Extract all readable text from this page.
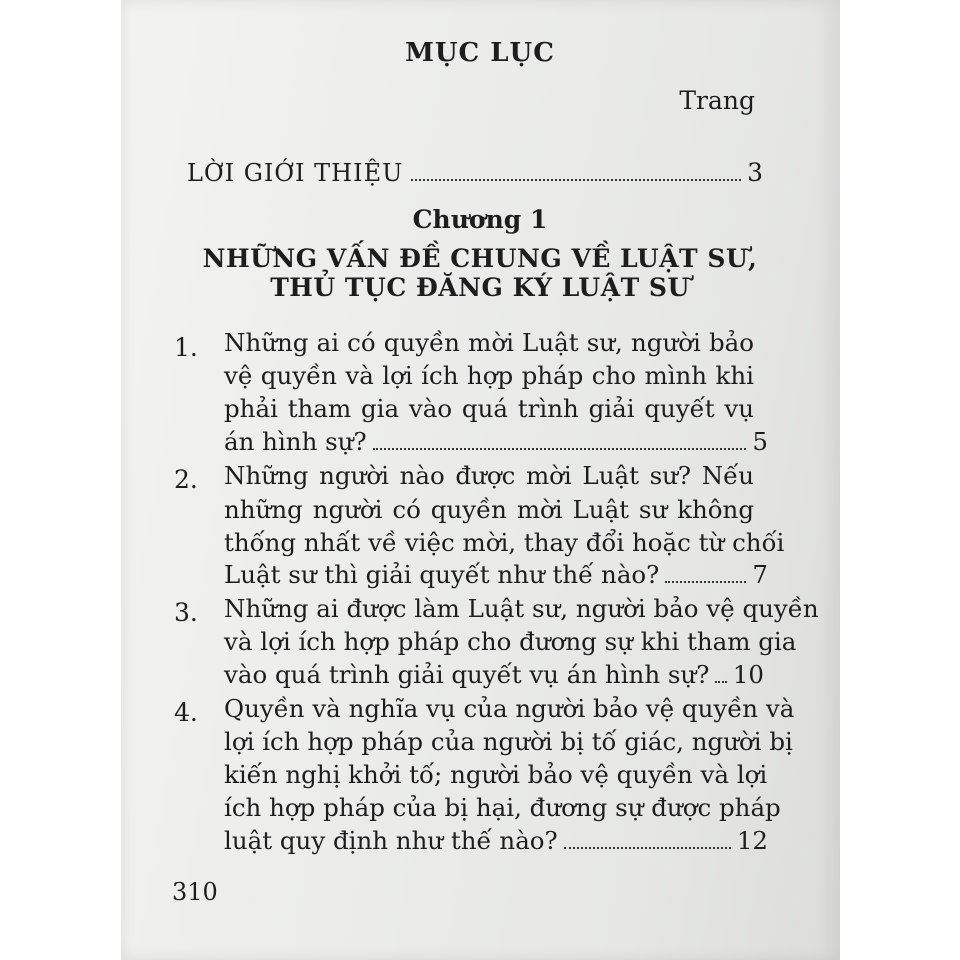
MỤC LỤC
Trang
LỜI GIỚI THIỆU	3
Chương 1
NHỮNG VẤN ĐỀ CHUNG VỀ LUẬT SƯ,
THỦ TỤC ĐĂNG KÝ LUẬT SƯ
1. Những ai có quyền mời Luật sư, người bảo
vệ quyền và lợi ích hợp pháp cho mình khi
phải tham gia vào quá trình giải quyết vụ
án hình sự?	5
2. Những người nào được mời Luật sư? Nếu
những người có quyền mời Luật sư không
thống nhất về việc mời, thay đổi hoặc từ chối
Luật sư thì giải quyết như thế nào?	7
3. Những ai được làm Luật sư, người bảo vệ quyền
và lợi ích hợp pháp cho đương sự khi tham gia
vào quá trình giải quyết vụ án hình sự? 10
4. Quyền và nghĩa vụ của người bảo vệ quyền và
lợi ích hợp pháp của người bị tố giác, người bị
kiến nghị khởi tố; người bảo vệ quyền và lợi
ích hợp pháp của bị hại, đương sự được pháp
luật quy định như thế nào?	12
310
